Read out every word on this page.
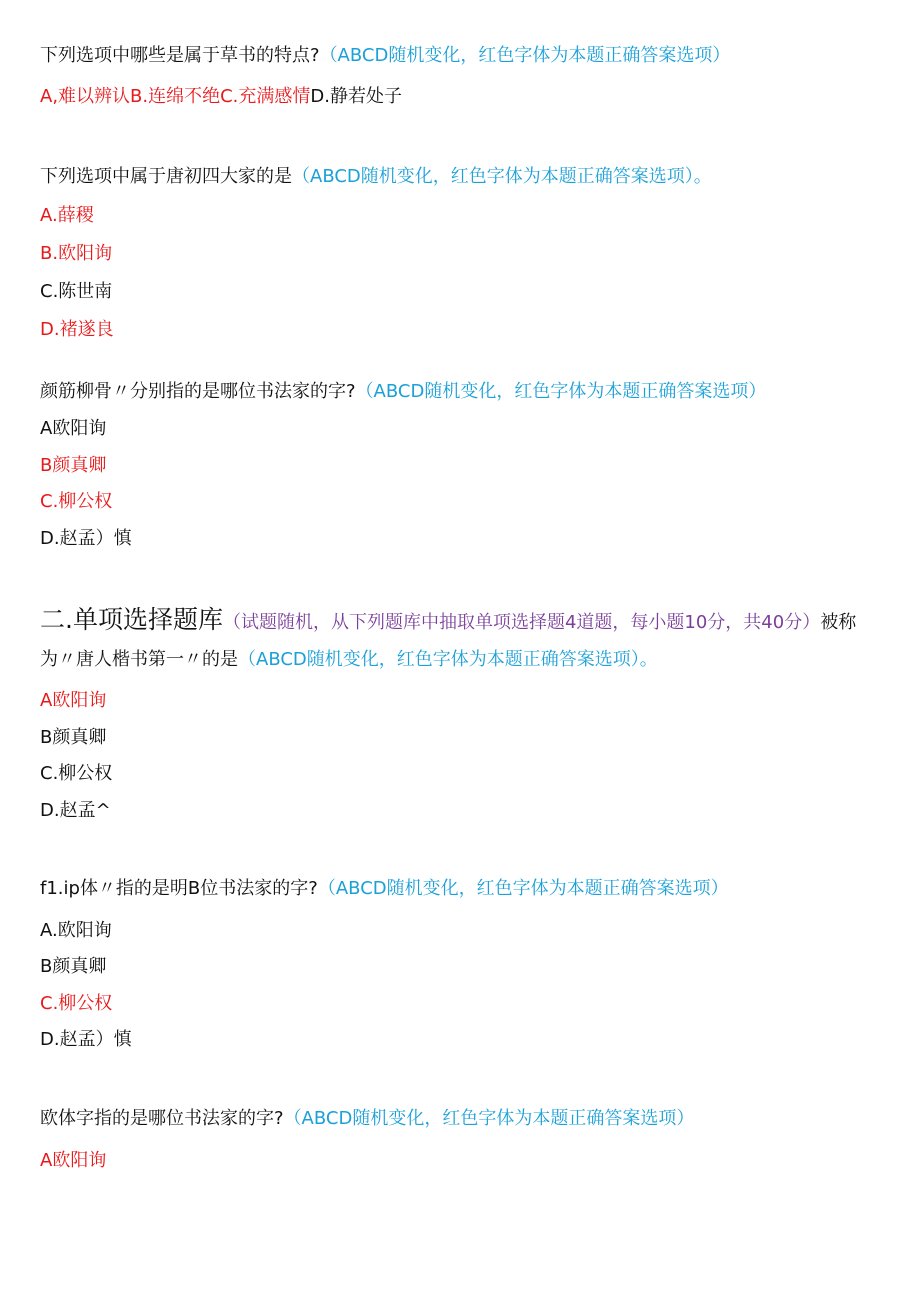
下列选项中哪些是属于草书的特点?（ABCD随机变化，红色字体为本题正确答案选项）
A,难以辨认B.连绵不绝C.充满感情D.静若处子
下列选项中属于唐初四大家的是（ABCD随机变化，红色字体为本题正确答案选项）。
A.薛稷
B.欧阳询
C.陈世南
D.褚遂良
颜筋柳骨〃分别指的是哪位书法家的字?（ABCD随机变化，红色字体为本题正确答案选项）
A欧阳询
B颜真卿
C.柳公权
D.赵孟）慎
二.单项选择题库（试题随机，从下列题库中抽取单项选择题4道题，每小题10分，共40分）被称
为〃唐人楷书第一〃的是（ABCD随机变化，红色字体为本题正确答案选项）。
A欧阳询
B颜真卿
C.柳公权
D.赵孟^
f1.ip体〃指的是明B位书法家的字?（ABCD随机变化，红色字体为本题正确答案选项）
A.欧阳询
B颜真卿
C.柳公权
D.赵孟）慎
欧体字指的是哪位书法家的字?（ABCD随机变化，红色字体为本题正确答案选项）
A欧阳询
